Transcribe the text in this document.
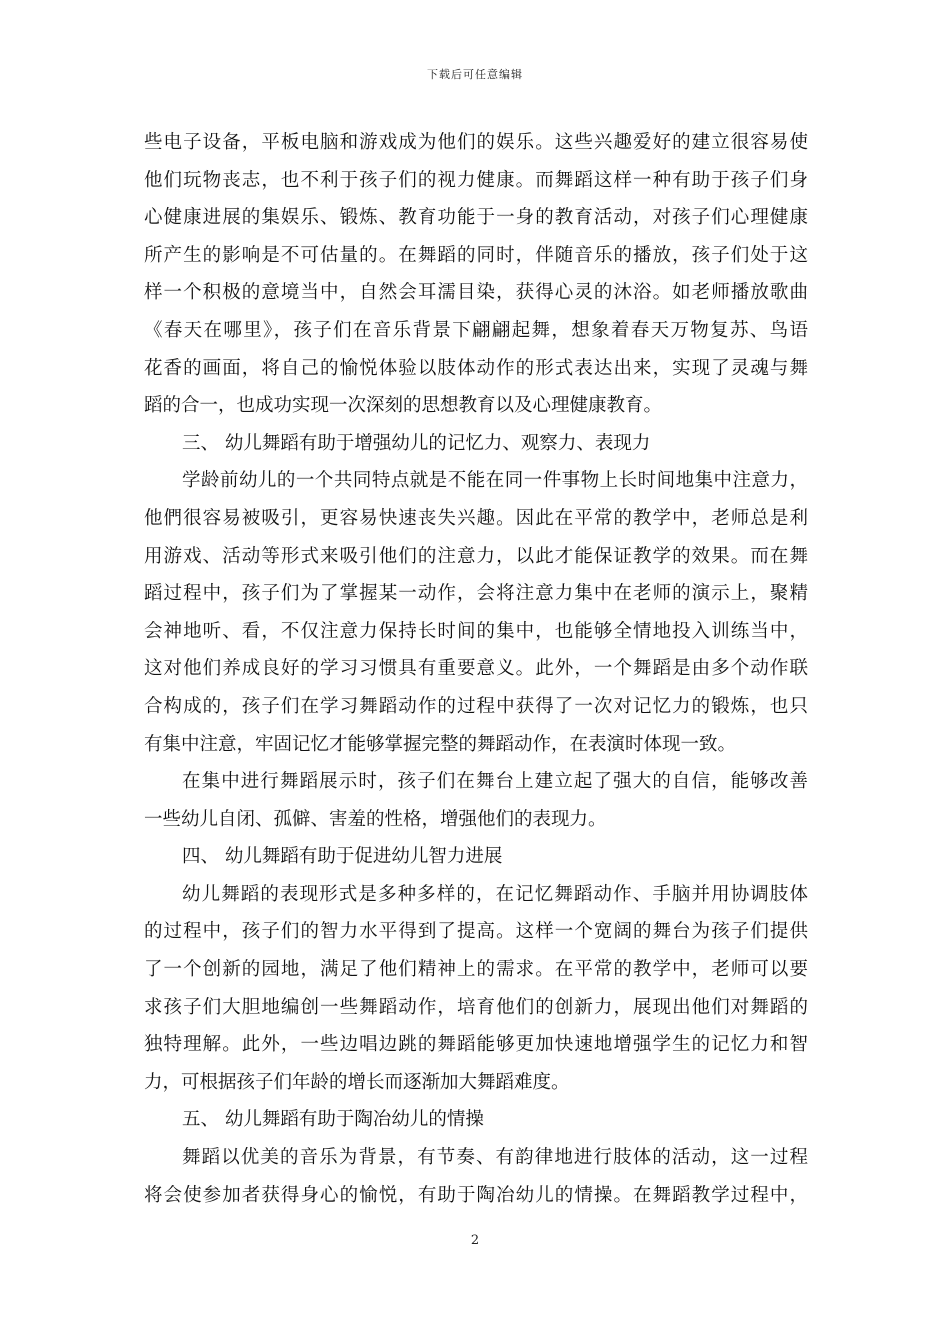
下载后可任意编辑
些电子设备，平板电脑和游戏成为他们的娱乐。这些兴趣爱好的建立很容易使
他们玩物丧志，也不利于孩子们的视力健康。而舞蹈这样一种有助于孩子们身
心健康进展的集娱乐、锻炼、教育功能于一身的教育活动，对孩子们心理健康
所产生的影响是不可估量的。在舞蹈的同时，伴随音乐的播放，孩子们处于这
样一个积极的意境当中，自然会耳濡目染，获得心灵的沐浴。如老师播放歌曲
《春天在哪里》，孩子们在音乐背景下翩翩起舞，想象着春天万物复苏、鸟语
花香的画面，将自己的愉悦体验以肢体动作的形式表达出来，实现了灵魂与舞
蹈的合一，也成功实现一次深刻的思想教育以及心理健康教育。
三、 幼儿舞蹈有助于增强幼儿的记忆力、观察力、表现力
学龄前幼儿的一个共同特点就是不能在同一件事物上长时间地集中注意力，
他們很容易被吸引，更容易快速丧失兴趣。因此在平常的教学中，老师总是利
用游戏、活动等形式来吸引他们的注意力，以此才能保证教学的效果。而在舞
蹈过程中，孩子们为了掌握某一动作，会将注意力集中在老师的演示上，聚精
会神地听、看，不仅注意力保持长时间的集中，也能够全情地投入训练当中，
这对他们养成良好的学习习惯具有重要意义。此外，一个舞蹈是由多个动作联
合构成的，孩子们在学习舞蹈动作的过程中获得了一次对记忆力的锻炼，也只
有集中注意，牢固记忆才能够掌握完整的舞蹈动作，在表演时体现一致。
在集中进行舞蹈展示时，孩子们在舞台上建立起了强大的自信，能够改善
一些幼儿自闭、孤僻、害羞的性格，增强他们的表现力。
四、 幼儿舞蹈有助于促进幼儿智力进展
幼儿舞蹈的表现形式是多种多样的，在记忆舞蹈动作、手脑并用协调肢体
的过程中，孩子们的智力水平得到了提高。这样一个宽阔的舞台为孩子们提供
了一个创新的园地，满足了他们精神上的需求。在平常的教学中，老师可以要
求孩子们大胆地编创一些舞蹈动作，培育他们的创新力，展现出他们对舞蹈的
独特理解。此外，一些边唱边跳的舞蹈能够更加快速地增强学生的记忆力和智
力，可根据孩子们年龄的增长而逐渐加大舞蹈难度。
五、 幼儿舞蹈有助于陶冶幼儿的情操
舞蹈以优美的音乐为背景，有节奏、有韵律地进行肢体的活动，这一过程
将会使参加者获得身心的愉悦，有助于陶冶幼儿的情操。在舞蹈教学过程中，
2
